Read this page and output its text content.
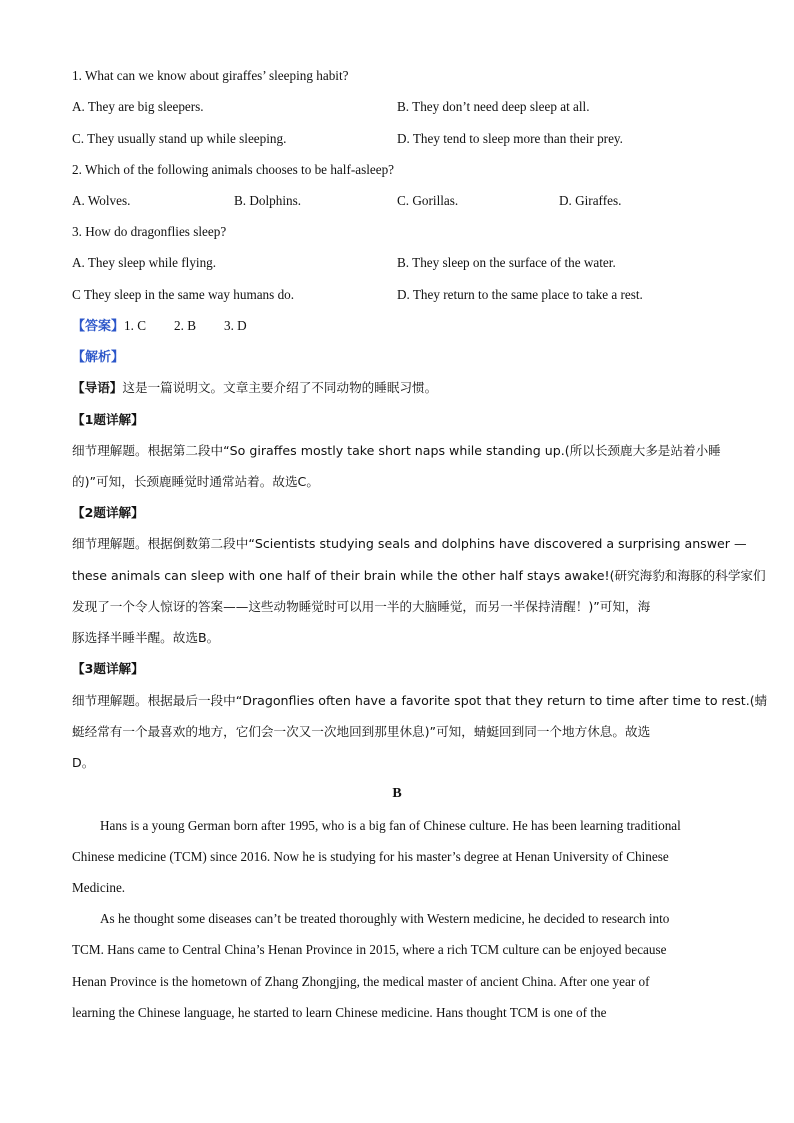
1. What can we know about giraffes’ sleeping habit?
A. They are big sleepers.	B. They don’t need deep sleep at all.
C. They usually stand up while sleeping.	D. They tend to sleep more than their prey.
2. Which of the following animals chooses to be half-asleep?
A. Wolves.	B. Dolphins.	C. Gorillas.	D. Giraffes.
3. How do dragonflies sleep?
A. They sleep while flying.	B. They sleep on the surface of the water.
C They sleep in the same way humans do.	D. They return to the same place to take a rest.
【答案】1. C 2. B 3. D
【解析】
【导语】这是一篇说明文。文章主要介绍了不同动物的睡眠习惯。
【1题详解】
细节理解题。根据第二段中“So giraffes mostly take short naps while standing up.(所以长颈鹿大多是站着小睡
的)”可知，长颈鹿睡觉时通常站着。故选C。
【2题详解】
细节理解题。根据倒数第二段中“Scientists studying seals and dolphins have discovered a surprising answer —
these animals can sleep with one half of their brain while the other half stays awake!(研究海豹和海豚的科学家们
发现了一个令人惊讶的答案——这些动物睡觉时可以用一半的大脑睡觉，而另一半保持清醒！)”可知，海
豚选择半睡半醒。故选B。
【3题详解】
细节理解题。根据最后一段中“Dragonflies often have a favorite spot that they return to time after time to rest.(蜻
蜓经常有一个最喜欢的地方，它们会一次又一次地回到那里休息)”可知，蜻蜓回到同一个地方休息。故选
D。
B
Hans is a young German born after 1995, who is a big fan of Chinese culture. He has been learning traditional
Chinese medicine (TCM) since 2016. Now he is studying for his master’s degree at Henan University of Chinese
Medicine.
As he thought some diseases can’t be treated thoroughly with Western medicine, he decided to research into
TCM. Hans came to Central China’s Henan Province in 2015, where a rich TCM culture can be enjoyed because
Henan Province is the hometown of Zhang Zhongjing, the medical master of ancient China. After one year of
learning the Chinese language, he started to learn Chinese medicine. Hans thought TCM is one of the
